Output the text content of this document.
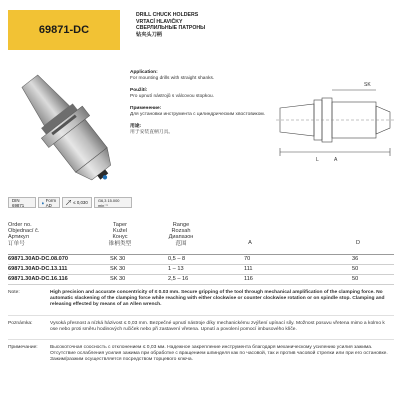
69871-DC
DRILL CHUCK HOLDERS
VRTACÍ HLAVIČKY
СВЕРЛИЛЬНЫЕ ПАТРОНЫ
钻夹头刀柄
Application:
For mounting drills with straight shanks.
Použití:
Pro upnutí nástrojů s válcovou stopkou.
Применение:
Для установки инструмента с цилиндрическим хвостовиком.
用途:
用于安装直柄刀具。
SK
A
L
DIN 69871
Form AD	≤ 0,030	G6,3 15.000 min⁻¹
Order no.
Objednací č.
Артикул
订单号
Taper
Kužel
Конус
锥柄类型
Range
Rozsah
Диапазон
范围	A	D
69871.30AD-DC.08.070	SK 30	0,5 – 8	70	36
69871.30AD-DC.13.111	SK 30	1 – 13	111	50
69871.30AD-DC.16.116	SK 30	2,5 – 16	116	50
Note:	High precision and accurate concentricity of ≤ 0.03 mm. Secure gripping of the tool through mechanical amplification of the clamping force. No automatic slackening of the clamping force while reaching with either clockwise or counter clockwise rotation or on spindle stop. Clamping and releasing effected by means of an Allen wrench.
Poznámka:	Vysoká přesnost a nízká házivost ≤ 0,03 mm. Bezpečné upnutí nástroje díky mechanickému zvýšení upínací síly. Možnost posuvu vřetena mimo a kolmo k ose nebo proti směru hodinových ručiček nebo při zastavení vřetena. Upnutí a povolení pomocí imbusového klíče.
Примечание:	Высокоточная соосность с отклонением ≤ 0,03 мм. Надежное закрепление инструмента благодаря механическому усилению усилия зажима. Отсутствие ослабления усилия зажима при обработке с вращением шпинделя как по часовой, так и против часовой стрелки или при его остановке. Зажим/разжим осуществляется посредством торцевого ключа.
